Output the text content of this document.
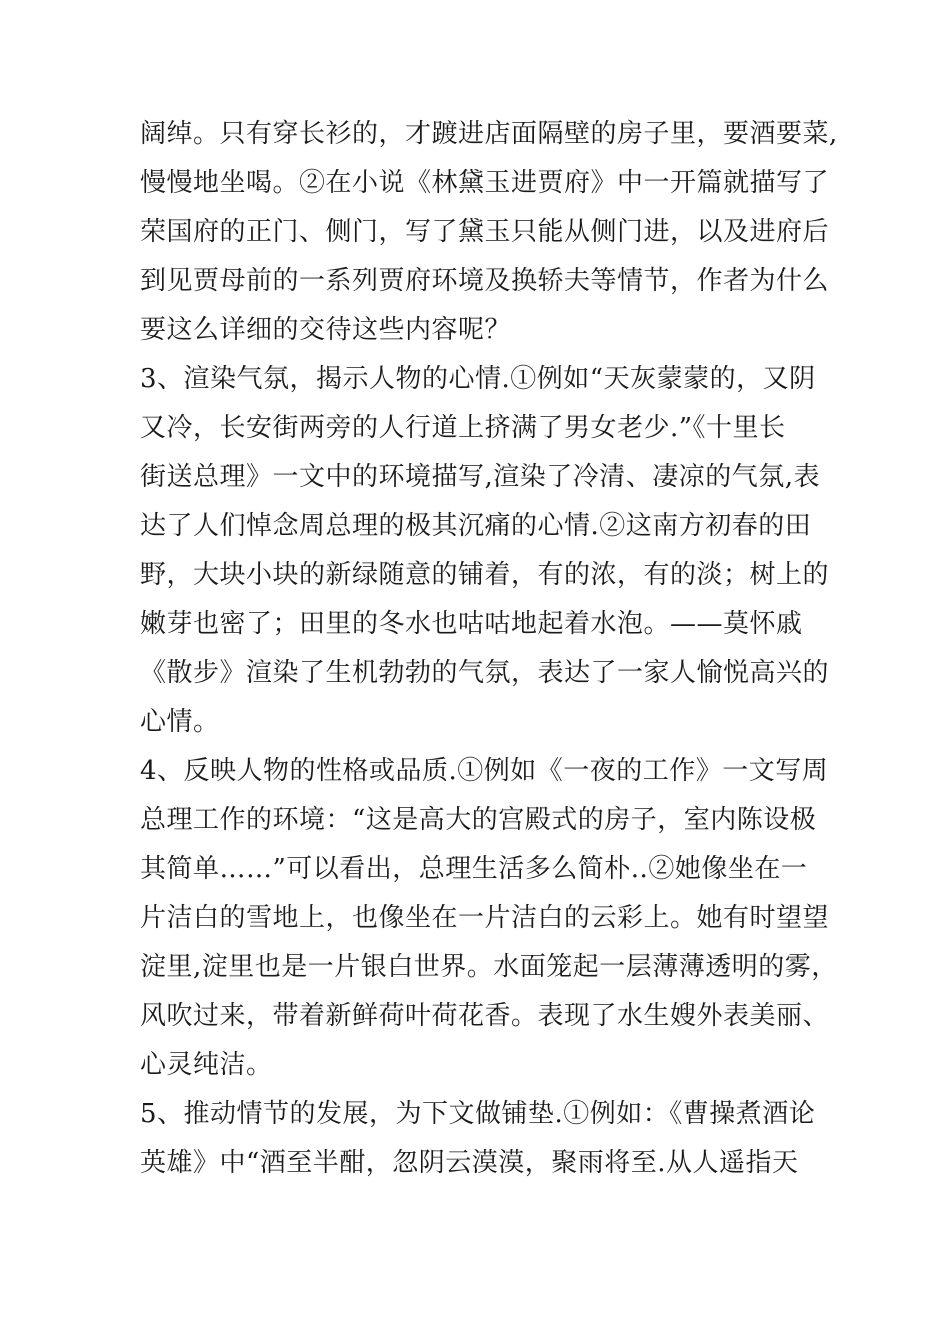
阔绰。只有穿长衫的，才踱进店面隔壁的房子里，要酒要菜,
慢慢地坐喝。②在小说《林黛玉进贾府》中一开篇就描写了
荣国府的正门、侧门，写了黛玉只能从侧门进，以及进府后
到见贾母前的一系列贾府环境及换轿夫等情节，作者为什么
要这么详细的交待这些内容呢？
3、渲染气氛，揭示人物的心情.①例如“天灰蒙蒙的，又阴
又冷，长安街两旁的人行道上挤满了男女老少.”《十里长
街送总理》一文中的环境描写,渲染了冷清、凄凉的气氛,表
达了人们悼念周总理的极其沉痛的心情.②这南方初春的田
野，大块小块的新绿随意的铺着，有的浓，有的淡；树上的
嫩芽也密了；田里的冬水也咕咕地起着水泡。——莫怀戚
《散步》渲染了生机勃勃的气氛，表达了一家人愉悦高兴的
心情。
4、反映人物的性格或品质.①例如《一夜的工作》一文写周
总理工作的环境：“这是高大的宫殿式的房子，室内陈设极
其简单……”可以看出，总理生活多么简朴..②她像坐在一
片洁白的雪地上，也像坐在一片洁白的云彩上。她有时望望
淀里,淀里也是一片银白世界。水面笼起一层薄薄透明的雾，
风吹过来，带着新鲜荷叶荷花香。表现了水生嫂外表美丽、
心灵纯洁。
5、推动情节的发展，为下文做铺垫.①例如：《曹操煮酒论
英雄》中“酒至半酣，忽阴云漠漠，聚雨将至.从人遥指天
